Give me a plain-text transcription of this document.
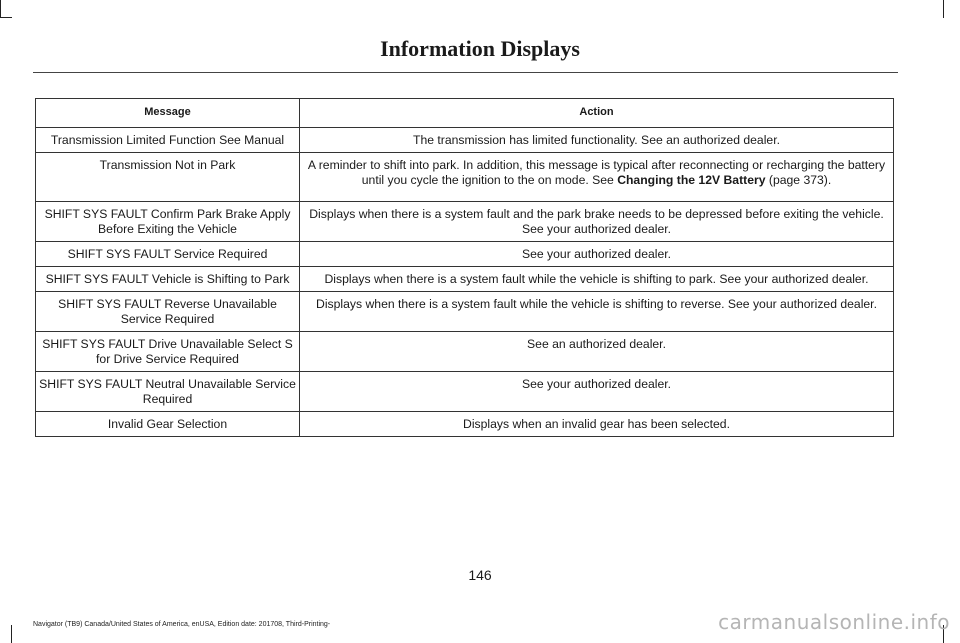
Information Displays
Message	Action
Transmission Limited Function See Manual	The transmission has limited functionality. See an authorized dealer.
Transmission Not in Park	A reminder to shift into park. In addition, this message is typical after reconnecting or recharging the battery until you cycle the ignition to the on mode. See Changing the 12V Battery (page 373).
SHIFT SYS FAULT Confirm Park Brake Apply Before Exiting the Vehicle	Displays when there is a system fault and the park brake needs to be depressed before exiting the vehicle. See your authorized dealer.
SHIFT SYS FAULT Service Required	See your authorized dealer.
SHIFT SYS FAULT Vehicle is Shifting to Park	Displays when there is a system fault while the vehicle is shifting to park. See your authorized dealer.
SHIFT SYS FAULT Reverse Unavailable Service Required	Displays when there is a system fault while the vehicle is shifting to reverse. See your authorized dealer.
SHIFT SYS FAULT Drive Unavailable Select S for Drive Service Required	See an authorized dealer.
SHIFT SYS FAULT Neutral Unavailable Service Required	See your authorized dealer.
Invalid Gear Selection	Displays when an invalid gear has been selected.
146
Navigator (TB9) Canada/United States of America, enUSA, Edition date: 201708, Third-Printing-	carmanualsonline.info
